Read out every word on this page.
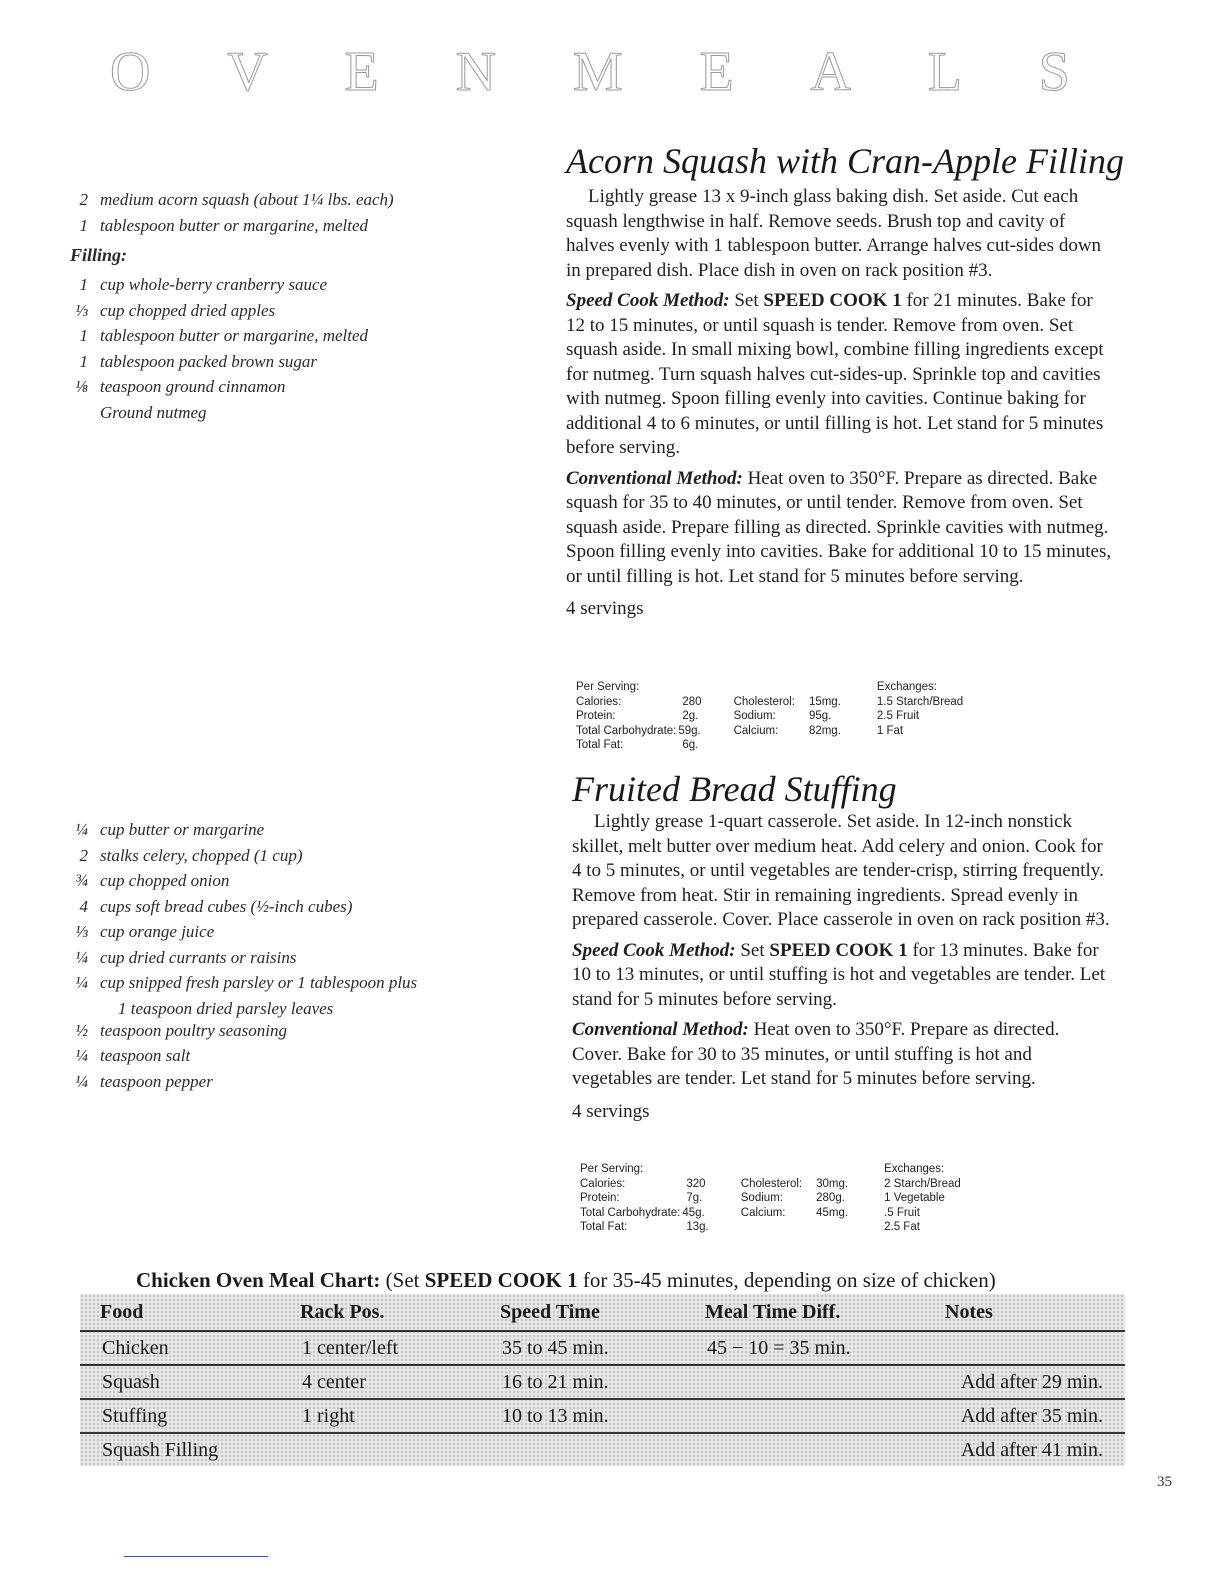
O V E N M E A L S
2 medium acorn squash (about 1¼ lbs. each)
1 tablespoon butter or margarine, melted
Filling:
1 cup whole-berry cranberry sauce
⅓ cup chopped dried apples
1 tablespoon butter or margarine, melted
1 tablespoon packed brown sugar
⅛ teaspoon ground cinnamon
Ground nutmeg
Acorn Squash with Cran-Apple Filling

Lightly grease 13 x 9-inch glass baking dish. Set aside. Cut each squash lengthwise in half. Remove seeds. Brush top and cavity of halves evenly with 1 tablespoon butter. Arrange halves cut-sides down in prepared dish. Place dish in oven on rack position #3.

Speed Cook Method: Set SPEED COOK 1 for 21 minutes. Bake for 12 to 15 minutes, or until squash is tender. Remove from oven. Set squash aside. In small mixing bowl, combine filling ingredients except for nutmeg. Turn squash halves cut-sides-up. Sprinkle top and cavities with nutmeg. Spoon filling evenly into cavities. Continue baking for additional 4 to 6 minutes, or until filling is hot. Let stand for 5 minutes before serving.

Conventional Method: Heat oven to 350°F. Prepare as directed. Bake squash for 35 to 40 minutes, or until tender. Remove from oven. Set squash aside. Prepare filling as directed. Sprinkle cavities with nutmeg. Spoon filling evenly into cavities. Bake for additional 10 to 15 minutes, or until filling is hot. Let stand for 5 minutes before serving.

4 servings

Per Serving:				Exchanges:
Calories:	280	Cholesterol:	15mg.	1.5 Starch/Bread
Protein:	2g.	Sodium:	95g.	2.5 Fruit
Total Carbohydrate:	59g.	Calcium:	82mg.	1 Fat
Total Fat:	6g.			
¼ cup butter or margarine
2 stalks celery, chopped (1 cup)
¾ cup chopped onion
4 cups soft bread cubes (½-inch cubes)
⅓ cup orange juice
¼ cup dried currants or raisins
¼ cup snipped fresh parsley or 1 tablespoon plus
1 teaspoon dried parsley leaves
½ teaspoon poultry seasoning
¼ teaspoon salt
¼ teaspoon pepper
Fruited Bread Stuffing

Lightly grease 1-quart casserole. Set aside. In 12-inch nonstick skillet, melt butter over medium heat. Add celery and onion. Cook for 4 to 5 minutes, or until vegetables are tender-crisp, stirring frequently. Remove from heat. Stir in remaining ingredients. Spread evenly in prepared casserole. Cover. Place casserole in oven on rack position #3.

Speed Cook Method: Set SPEED COOK 1 for 13 minutes. Bake for 10 to 13 minutes, or until stuffing is hot and vegetables are tender. Let stand for 5 minutes before serving.

Conventional Method: Heat oven to 350°F. Prepare as directed. Cover. Bake for 30 to 35 minutes, or until stuffing is hot and vegetables are tender. Let stand for 5 minutes before serving.

4 servings

Per Serving:				Exchanges:
Calories:	320	Cholesterol:	30mg.	2 Starch/Bread
Protein:	7g.	Sodium:	280g.	1 Vegetable
Total Carbohydrate:	45g.	Calcium:	45mg.	.5 Fruit
Total Fat:	13g.			2.5 Fat
Chicken Oven Meal Chart: (Set SPEED COOK 1 for 35-45 minutes, depending on size of chicken)
Food	Rack Pos.	Speed Time	Meal Time Diff.	Notes
Chicken	1 center/left	35 to 45 min.	45 − 10 = 35 min.	
Squash	4 center	16 to 21 min.		Add after 29 min.
Stuffing	1 right	10 to 13 min.		Add after 35 min.
Squash Filling				Add after 41 min.
35
